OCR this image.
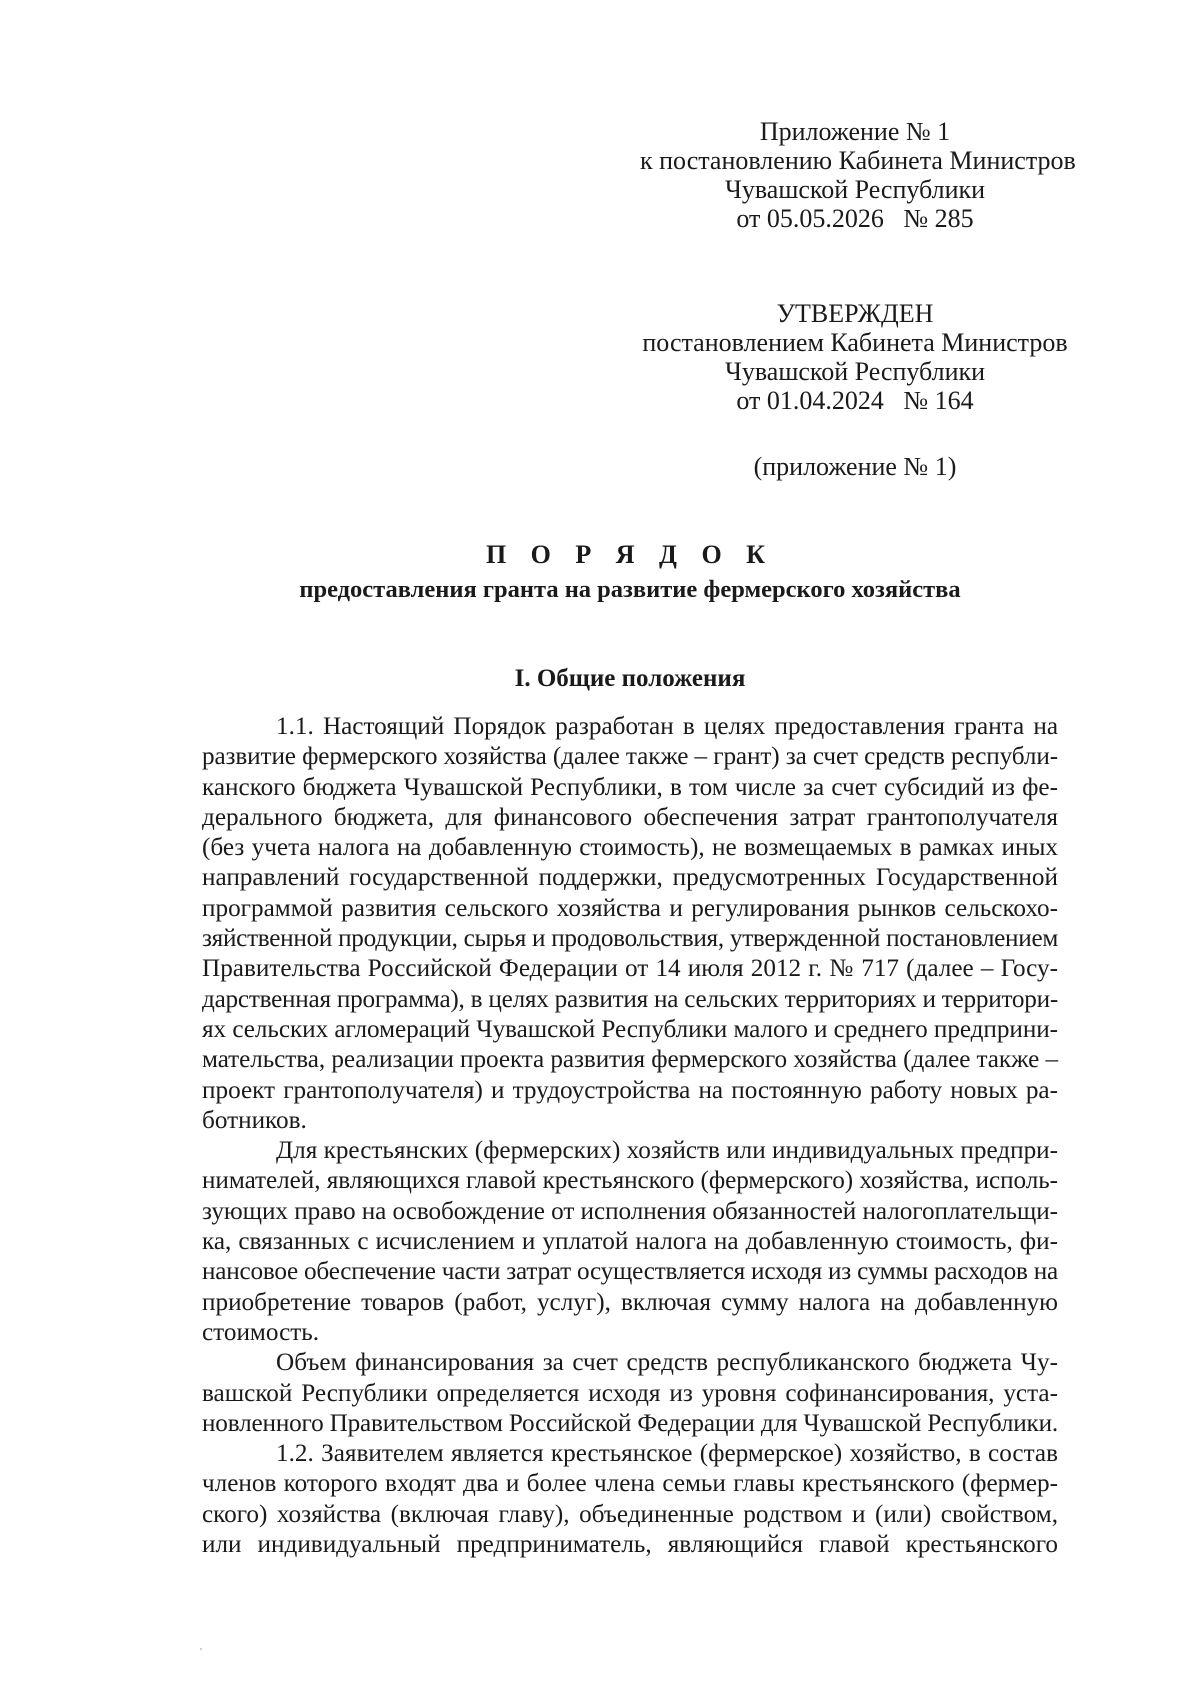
Приложение № 1
к постановлению Кабинета Министров
Чувашской Республики
от 05.05.2026   № 285
УТВЕРЖДЕН
постановлением Кабинета Министров
Чувашской Республики
от 01.04.2024   № 164
(приложение № 1)
П О Р Я Д О К
предоставления гранта на развитие фермерского хозяйства
I. Общие положения
1.1. Настоящий Порядок разработан в целях предоставления гранта на
развитие фермерского хозяйства (далее также – грант) за счет средств республи-
канского бюджета Чувашской Республики, в том числе за счет субсидий из фе-
дерального бюджета, для финансового обеспечения затрат грантополучателя
(без учета налога на добавленную стоимость), не возмещаемых в рамках иных
направлений государственной поддержки, предусмотренных Государственной
программой развития сельского хозяйства и регулирования рынков сельскохо-
зяйственной продукции, сырья и продовольствия, утвержденной постановлением
Правительства Российской Федерации от 14 июля 2012 г. № 717 (далее – Госу-
дарственная программа), в целях развития на сельских территориях и территори-
ях сельских агломераций Чувашской Республики малого и среднего предприни-
мательства, реализации проекта развития фермерского хозяйства (далее также –
проект грантополучателя) и трудоустройства на постоянную работу новых ра-
ботников.
Для крестьянских (фермерских) хозяйств или индивидуальных предпри-
нимателей, являющихся главой крестьянского (фермерского) хозяйства, исполь-
зующих право на освобождение от исполнения обязанностей налогоплательщи-
ка, связанных с исчислением и уплатой налога на добавленную стоимость, фи-
нансовое обеспечение части затрат осуществляется исходя из суммы расходов на
приобретение товаров (работ, услуг), включая сумму налога на добавленную
стоимость.
Объем финансирования за счет средств республиканского бюджета Чу-
вашской Республики определяется исходя из уровня софинансирования, уста-
новленного Правительством Российской Федерации для Чувашской Республики.
1.2. Заявителем является крестьянское (фермерское) хозяйство, в состав
членов которого входят два и более члена семьи главы крестьянского (фермер-
ского) хозяйства (включая главу), объединенные родством и (или) свойством,
или индивидуальный предприниматель, являющийся главой крестьянского
